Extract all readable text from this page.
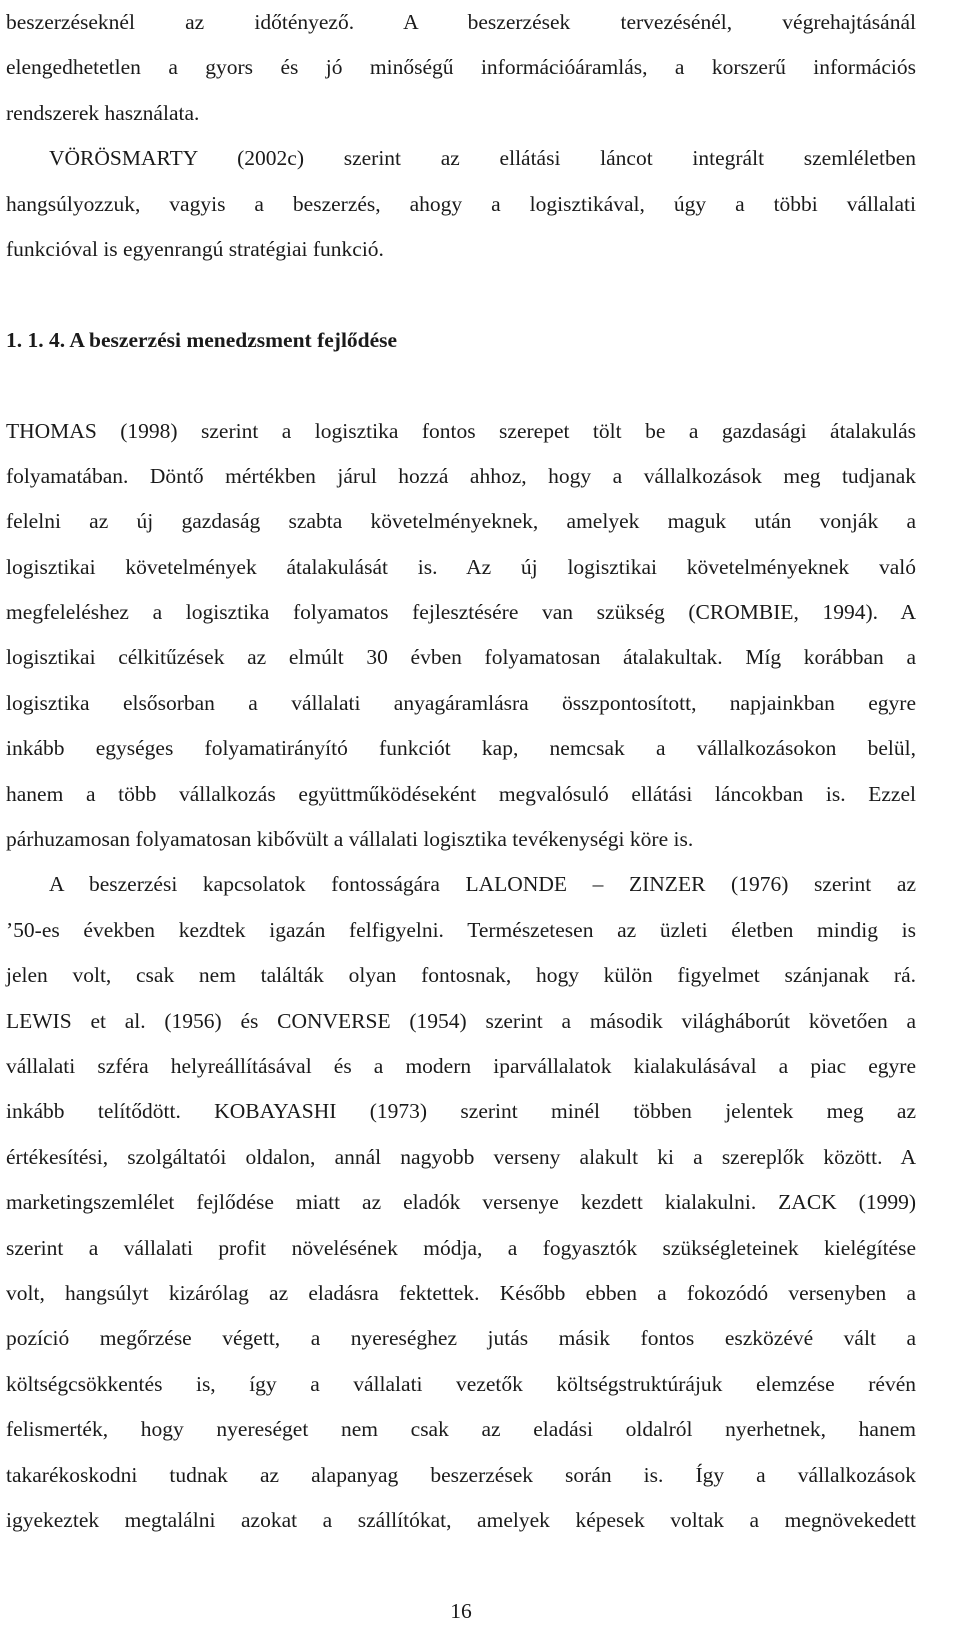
beszerzéseknél az időtényező. A beszerzések tervezésénél, végrehajtásánál
elengedhetetlen a gyors és jó minőségű információáramlás, a korszerű információs
rendszerek használata.
VÖRÖSMARTY (2002c) szerint az ellátási láncot integrált szemléletben
hangsúlyozzuk, vagyis a beszerzés, ahogy a logisztikával, úgy a többi vállalati
funkcióval is egyenrangú stratégiai funkció.
1. 1. 4. A beszerzési menedzsment fejlődése
THOMAS (1998) szerint a logisztika fontos szerepet tölt be a gazdasági átalakulás
folyamatában. Döntő mértékben járul hozzá ahhoz, hogy a vállalkozások meg tudjanak
felelni az új gazdaság szabta követelményeknek, amelyek maguk után vonják a
logisztikai követelmények átalakulását is. Az új logisztikai követelményeknek való
megfeleléshez a logisztika folyamatos fejlesztésére van szükség (CROMBIE, 1994). A
logisztikai célkitűzések az elmúlt 30 évben folyamatosan átalakultak. Míg korábban a
logisztika elsősorban a vállalati anyagáramlásra összpontosított, napjainkban egyre
inkább egységes folyamatirányító funkciót kap, nemcsak a vállalkozásokon belül,
hanem a több vállalkozás együttműködéseként megvalósuló ellátási láncokban is. Ezzel
párhuzamosan folyamatosan kibővült a vállalati logisztika tevékenységi köre is.
A beszerzési kapcsolatok fontosságára LALONDE – ZINZER (1976) szerint az
’50-es években kezdtek igazán felfigyelni. Természetesen az üzleti életben mindig is
jelen volt, csak nem találták olyan fontosnak, hogy külön figyelmet szánjanak rá.
LEWIS et al. (1956) és CONVERSE (1954) szerint a második világháborút követően a
vállalati szféra helyreállításával és a modern iparvállalatok kialakulásával a piac egyre
inkább telítődött. KOBAYASHI (1973) szerint minél többen jelentek meg az
értékesítési, szolgáltatói oldalon, annál nagyobb verseny alakult ki a szereplők között. A
marketingszemlélet fejlődése miatt az eladók versenye kezdett kialakulni. ZACK (1999)
szerint a vállalati profit növelésének módja, a fogyasztók szükségleteinek kielégítése
volt, hangsúlyt kizárólag az eladásra fektettek. Később ebben a fokozódó versenyben a
pozíció megőrzése végett, a nyereséghez jutás másik fontos eszközévé vált a
költségcsökkentés is, így a vállalati vezetők költségstruktúrájuk elemzése révén
felismerték, hogy nyereséget nem csak az eladási oldalról nyerhetnek, hanem
takarékoskodni tudnak az alapanyag beszerzések során is. Így a vállalkozások
igyekeztek megtalálni azokat a szállítókat, amelyek képesek voltak a megnövekedett
16
